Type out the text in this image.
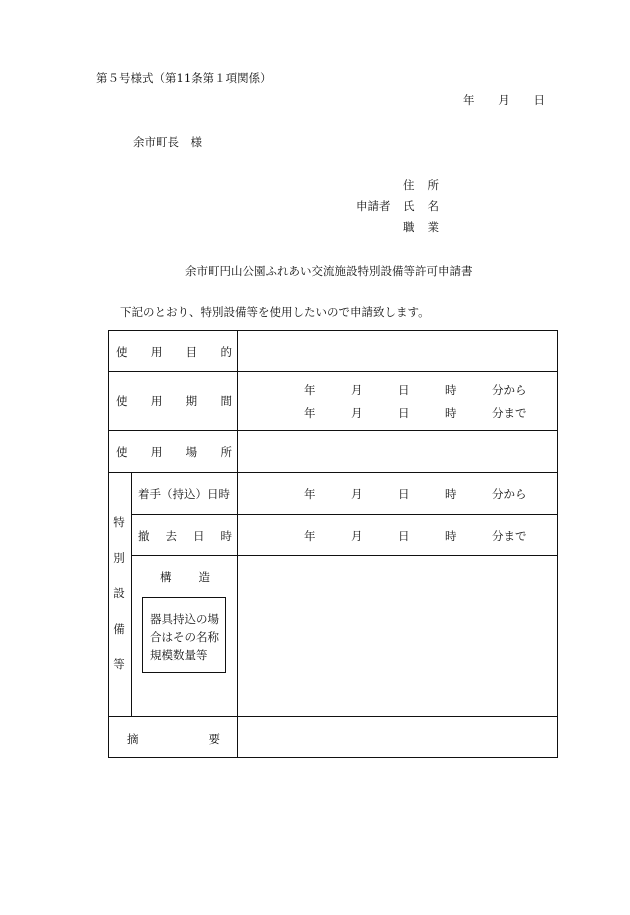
第５号様式（第11条第１項関係）
年 月 日
余市町長　様
申請者
住 所
氏 名
職 業
余市町円山公園ふれあい交流施設特別設備等許可申請書
下記のとおり、特別設備等を使用したいので申請致します。
使 用 目 的
使 用 期 間
年	月	日	時	分から
年	月	日	時	分まで
使 用 場 所
特
別
設
備
等
着手（持込）日時	年	月	日	時	分から
撤 去 日 時	年	月	日	時	分まで
構 造
器具持込の場合はその名称規模数量等
摘	要
